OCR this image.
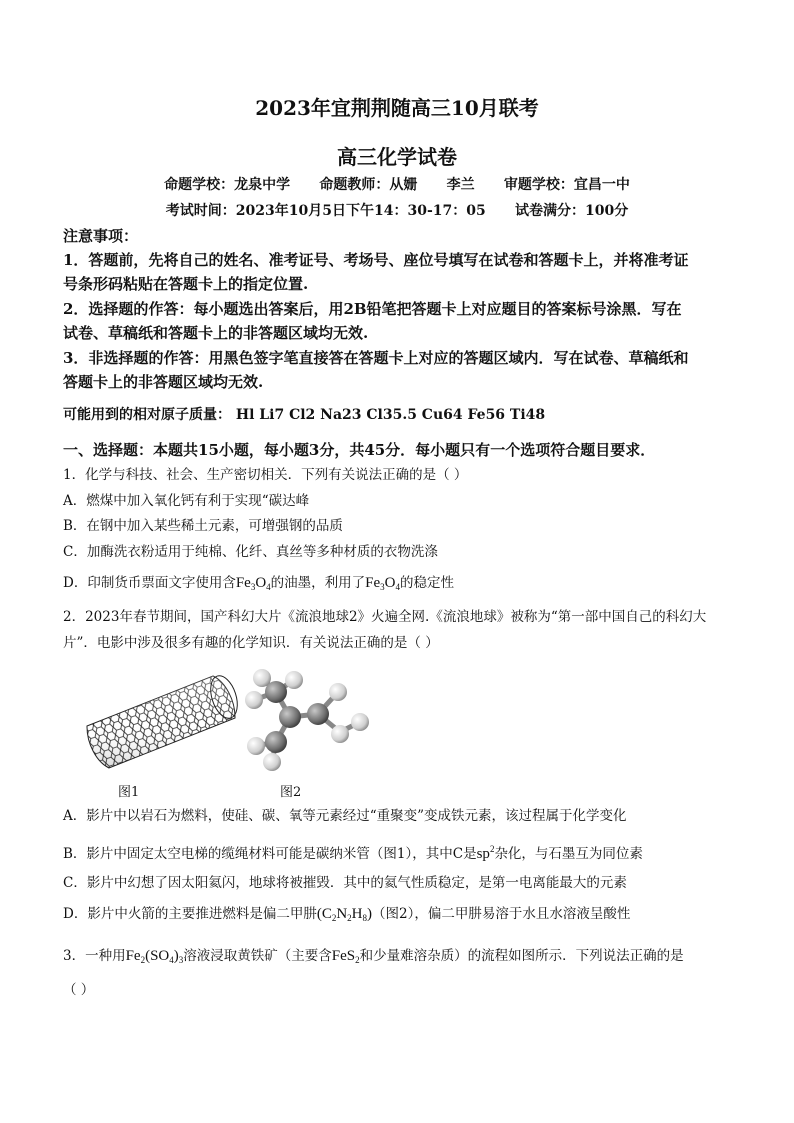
2023年宜荆荆随高三10月联考
高三化学试卷
命题学校：龙泉中学      命题教师：从姗      李兰      审题学校：宜昌一中
考试时间：2023年10月5日下午14：30-17：05      试卷满分：100分
注意事项：
1．答题前，先将自己的姓名、准考证号、考场号、座位号填写在试卷和答题卡上，并将准考证
号条形码粘贴在答题卡上的指定位置.
2．选择题的作答：每小题选出答案后，用2B铅笔把答题卡上对应题目的答案标号涂黑．写在
试卷、草稿纸和答题卡上的非答题区域均无效.
3．非选择题的作答：用黑色签字笔直接答在答题卡上对应的答题区域内．写在试卷、草稿纸和
答题卡上的非答题区域均无效.
可能用到的相对原子质量： Hl Li7 Cl2 Na23 Cl35.5 Cu64 Fe56 Ti48
一、选择题：本题共15小题，每小题3分，共45分．每小题只有一个选项符合题目要求．
1．化学与科技、社会、生产密切相关．下列有关说法正确的是（ ）
A．燃煤中加入氧化钙有利于实现“碳达峰
B．在钢中加入某些稀土元素，可增强钢的品质
C．加酶洗衣粉适用于纯棉、化纤、真丝等多种材质的衣物洗涤
D．印制货币票面文字使用含$Fe_3O_4$的油墨，利用了$Fe_3O_4$的稳定性
2．2023年春节期间，国产科幻大片《流浪地球2》火遍全网.《流浪地球》被称为“第一部中国自己的科幻大
片”．电影中涉及很多有趣的化学知识．有关说法正确的是（ ）
图1	图2
A．影片中以岩石为燃料，使硅、碳、氧等元素经过“重聚变”变成铁元素，该过程属于化学变化
B．影片中固定太空电梯的缆绳材料可能是碳纳米管（图1），其中C是$sp^2$杂化，与石墨互为同位素
C．影片中幻想了因太阳氦闪，地球将被摧毁．其中的氦气性质稳定，是第一电离能最大的元素
D．影片中火箭的主要推进燃料是偏二甲肼$(C_2N_2H_8)$（图2），偏二甲肼易溶于水且水溶液呈酸性
3．一种用$Fe_2(SO_4)_3$溶液浸取黄铁矿（主要含FeS$_2$和少量难溶杂质）的流程如图所示．下列说法正确的是
（ ）
